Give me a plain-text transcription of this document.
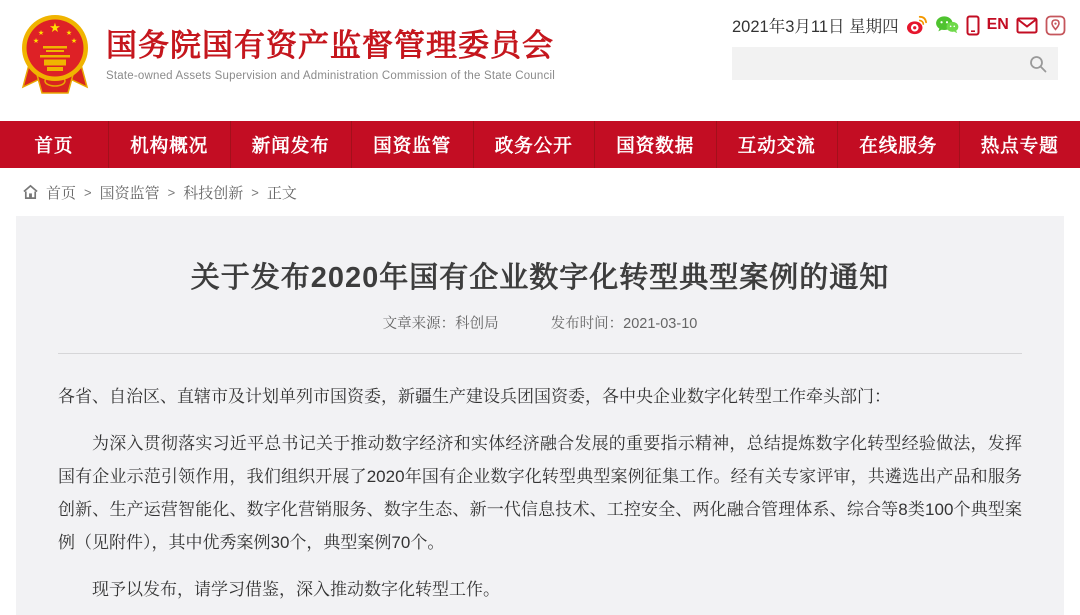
★
★	★
★	★ 国务院国有资产监督管理委员会
State-owned Assets Supervision and Administration Commission of the State Council
2021年3月11日 星期四	EN
首页	机构概况	新闻发布	国资监管	政务公开	国资数据	互动交流	在线服务	热点专题
首页 > 国资监管 > 科技创新 > 正文
关于发布2020年国有企业数字化转型典型案例的通知
文章来源：科创局	发布时间：2021-03-10

各省、自治区、直辖市及计划单列市国资委，新疆生产建设兵团国资委，各中央企业数字化转型工作牵头部门：

为深入贯彻落实习近平总书记关于推动数字经济和实体经济融合发展的重要指示精神，总结提炼数字化转型经验做法，发挥国有企业示范引领作用，我们组织开展了2020年国有企业数字化转型典型案例征集工作。经有关专家评审，共遴选出产品和服务创新、生产运营智能化、数字化营销服务、数字生态、新一代信息技术、工控安全、两化融合管理体系、综合等8类100个典型案例（见附件），其中优秀案例30个，典型案例70个。

现予以发布，请学习借鉴，深入推动数字化转型工作。
